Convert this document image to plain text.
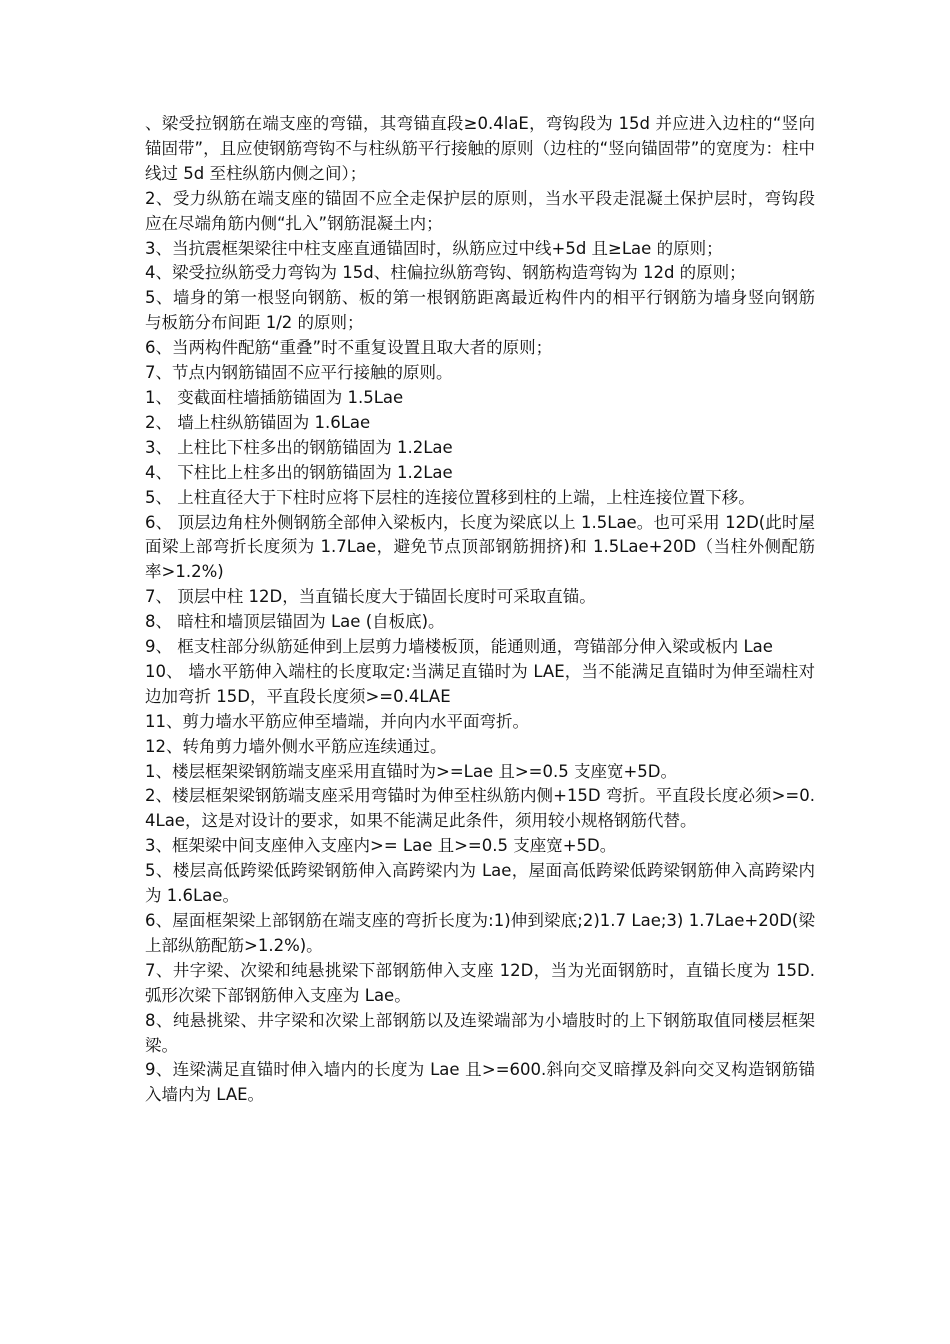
、梁受拉钢筋在端支座的弯锚，其弯锚直段≥0.4laE，弯钩段为 15d 并应进入边柱的“竖向锚固带”，且应使钢筋弯钩不与柱纵筋平行接触的原则（边柱的“竖向锚固带”的宽度为：柱中线过 5d 至柱纵筋内侧之间）；

2、受力纵筋在端支座的锚固不应全走保护层的原则，当水平段走混凝土保护层时，弯钩段应在尽端角筋内侧“扎入”钢筋混凝土内；

3、当抗震框架梁往中柱支座直通锚固时，纵筋应过中线+5d 且≥Lae 的原则；

4、梁受拉纵筋受力弯钩为 15d、柱偏拉纵筋弯钩、钢筋构造弯钩为 12d 的原则；

5、墙身的第一根竖向钢筋、板的第一根钢筋距离最近构件内的相平行钢筋为墙身竖向钢筋与板筋分布间距 1/2 的原则；

6、当两构件配筋“重叠”时不重复设置且取大者的原则；

7、节点内钢筋锚固不应平行接触的原则。

1、 变截面柱墙插筋锚固为 1.5Lae

2、 墙上柱纵筋锚固为 1.6Lae

3、 上柱比下柱多出的钢筋锚固为 1.2Lae

4、 下柱比上柱多出的钢筋锚固为 1.2Lae

5、 上柱直径大于下柱时应将下层柱的连接位置移到柱的上端，上柱连接位置下移。

6、 顶层边角柱外侧钢筋全部伸入梁板内，长度为梁底以上 1.5Lae。也可采用 12D(此时屋面梁上部弯折长度须为 1.7Lae，避免节点顶部钢筋拥挤)和 1.5Lae+20D（当柱外侧配筋率>1.2%)

7、 顶层中柱 12D，当直锚长度大于锚固长度时可采取直锚。

8、 暗柱和墙顶层锚固为 Lae (自板底)。

9、 框支柱部分纵筋延伸到上层剪力墙楼板顶，能通则通，弯锚部分伸入梁或板内 Lae

10、 墙水平筋伸入端柱的长度取定:当满足直锚时为 LAE，当不能满足直锚时为伸至端柱对边加弯折 15D，平直段长度须>=0.4LAE

11、剪力墙水平筋应伸至墙端，并向内水平面弯折。

12、转角剪力墙外侧水平筋应连续通过。

1、楼层框架梁钢筋端支座采用直锚时为>=Lae 且>=0.5 支座宽+5D。

2、楼层框架梁钢筋端支座采用弯锚时为伸至柱纵筋内侧+15D 弯折。平直段长度必须>=0.4Lae，这是对设计的要求，如果不能满足此条件，须用较小规格钢筋代替。

3、框架梁中间支座伸入支座内>= Lae 且>=0.5 支座宽+5D。

5、楼层高低跨梁低跨梁钢筋伸入高跨梁内为 Lae，屋面高低跨梁低跨梁钢筋伸入高跨梁内为 1.6Lae。

6、屋面框架梁上部钢筋在端支座的弯折长度为:1)伸到梁底;2)1.7 Lae;3) 1.7Lae+20D(梁上部纵筋配筋>1.2%)。

7、井字梁、次梁和纯悬挑梁下部钢筋伸入支座 12D，当为光面钢筋时，直锚长度为 15D.弧形次梁下部钢筋伸入支座为 Lae。

8、纯悬挑梁、井字梁和次梁上部钢筋以及连梁端部为小墙肢时的上下钢筋取值同楼层框架梁。

9、连梁满足直锚时伸入墙内的长度为 Lae 且>=600.斜向交叉暗撑及斜向交叉构造钢筋锚入墙内为 LAE。
